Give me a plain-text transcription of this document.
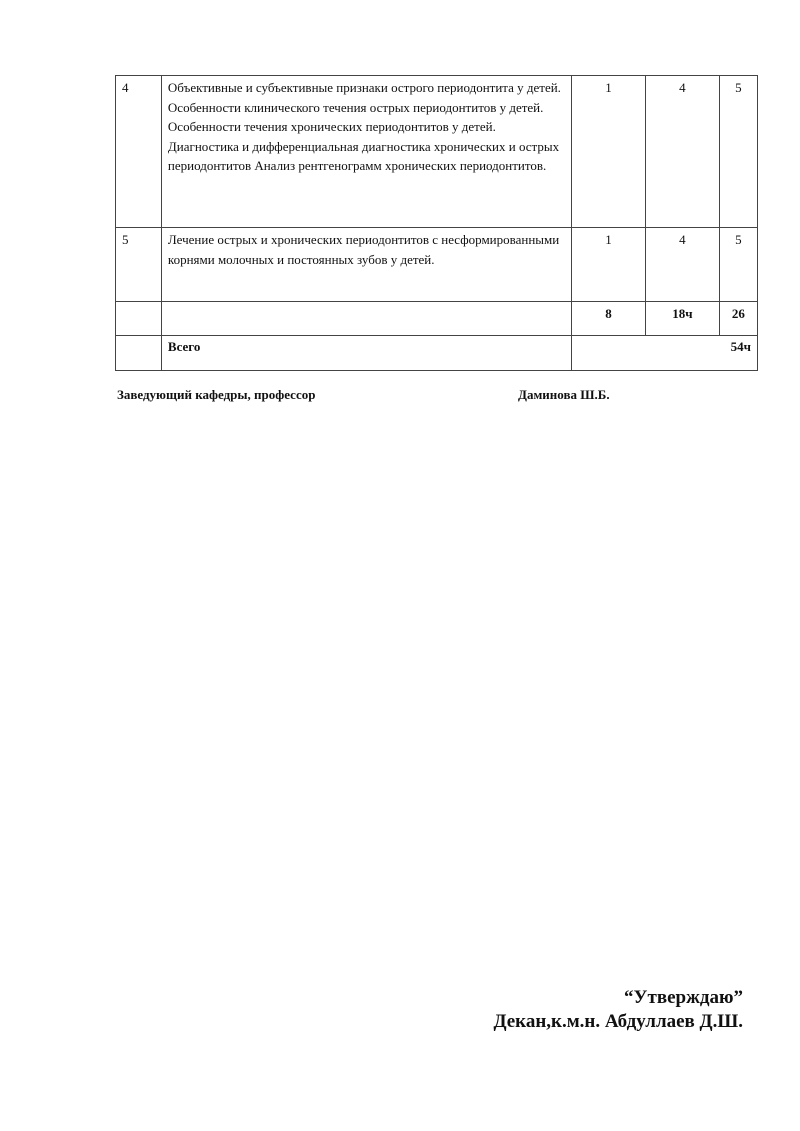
4	Объективные и субъективные признаки острого периодонтита у детей. Особенности клинического течения острых периодонтитов у детей. Особенности течения хронических периодонтитов у детей. Диагностика и дифференциальная диагностика хронических и острых периодонтитов Анализ рентгенограмм хронических периодонтитов.	1	4	5
5	Лечение острых и хронических периодонтитов с несформированными корнями молочных и постоянных зубов у детей.	1	4	5
		8	18ч	26
	Всего	54ч		
Заведующий кафедры, профессор	Даминова Ш.Б.
“Утверждаю”
Декан,к.м.н. Абдуллаев Д.Ш.
